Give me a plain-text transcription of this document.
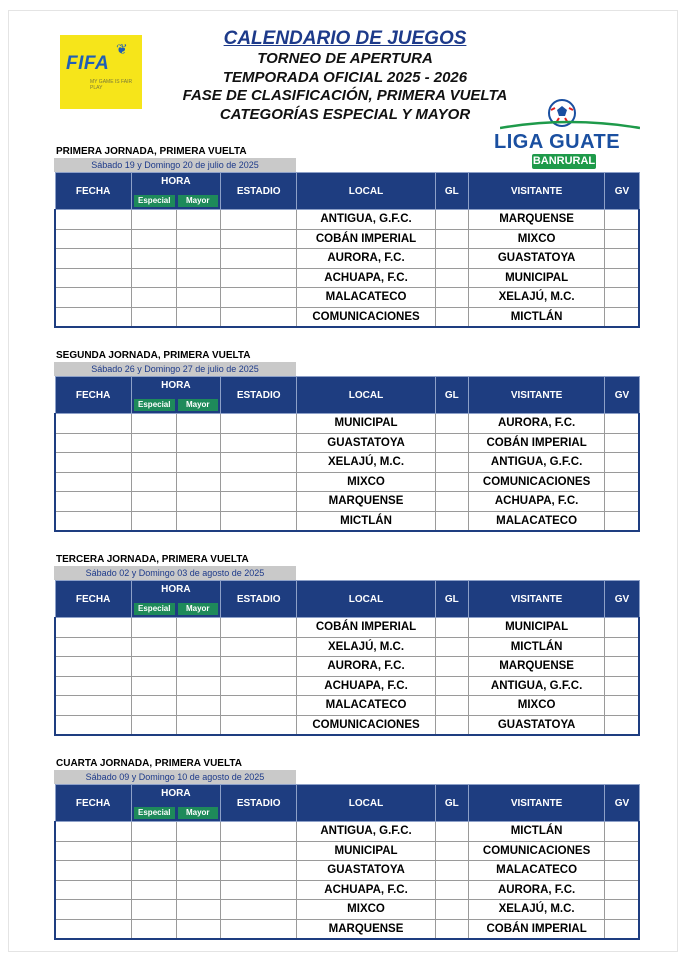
FIFA
❦
MY GAME IS FAIR PLAY
CALENDARIO DE JUEGOS
TORNEO DE APERTURA
TEMPORADA OFICIAL 2025 - 2026
FASE DE CLASIFICACIÓN, PRIMERA VUELTA
CATEGORÍAS ESPECIAL Y MAYOR
LIGA GUATE
BANRURAL
PRIMERA JORNADA, PRIMERA VUELTA
Sábado 19 y Domingo 20 de julio de 2025
FECHA	HORA
Especial Mayor		ESTADIO	LOCAL	GL	VISITANTE	GV
				ANTIGUA, G.F.C.		MARQUENSE	
				COBÁN IMPERIAL		MIXCO	
				AURORA, F.C.		GUASTATOYA	
				ACHUAPA, F.C.		MUNICIPAL	
				MALACATECO		XELAJÚ, M.C.	
				COMUNICACIONES		MICTLÁN	
SEGUNDA JORNADA, PRIMERA VUELTA
Sábado 26 y Domingo 27 de julio de 2025
FECHA	HORA
Especial Mayor		ESTADIO	LOCAL	GL	VISITANTE	GV
				MUNICIPAL		AURORA, F.C.	
				GUASTATOYA		COBÁN IMPERIAL	
				XELAJÚ, M.C.		ANTIGUA, G.F.C.	
				MIXCO		COMUNICACIONES	
				MARQUENSE		ACHUAPA, F.C.	
				MICTLÁN		MALACATECO	
TERCERA JORNADA, PRIMERA VUELTA
Sábado 02 y Domingo 03 de agosto de 2025
FECHA	HORA
Especial Mayor		ESTADIO	LOCAL	GL	VISITANTE	GV
				COBÁN IMPERIAL		MUNICIPAL	
				XELAJÚ, M.C.		MICTLÁN	
				AURORA, F.C.		MARQUENSE	
				ACHUAPA, F.C.		ANTIGUA, G.F.C.	
				MALACATECO		MIXCO	
				COMUNICACIONES		GUASTATOYA	
CUARTA JORNADA, PRIMERA VUELTA
Sábado 09 y Domingo 10 de agosto de 2025
FECHA	HORA
Especial Mayor		ESTADIO	LOCAL	GL	VISITANTE	GV
				ANTIGUA, G.F.C.		MICTLÁN	
				MUNICIPAL		COMUNICACIONES	
				GUASTATOYA		MALACATECO	
				ACHUAPA, F.C.		AURORA, F.C.	
				MIXCO		XELAJÚ, M.C.	
				MARQUENSE		COBÁN IMPERIAL	
